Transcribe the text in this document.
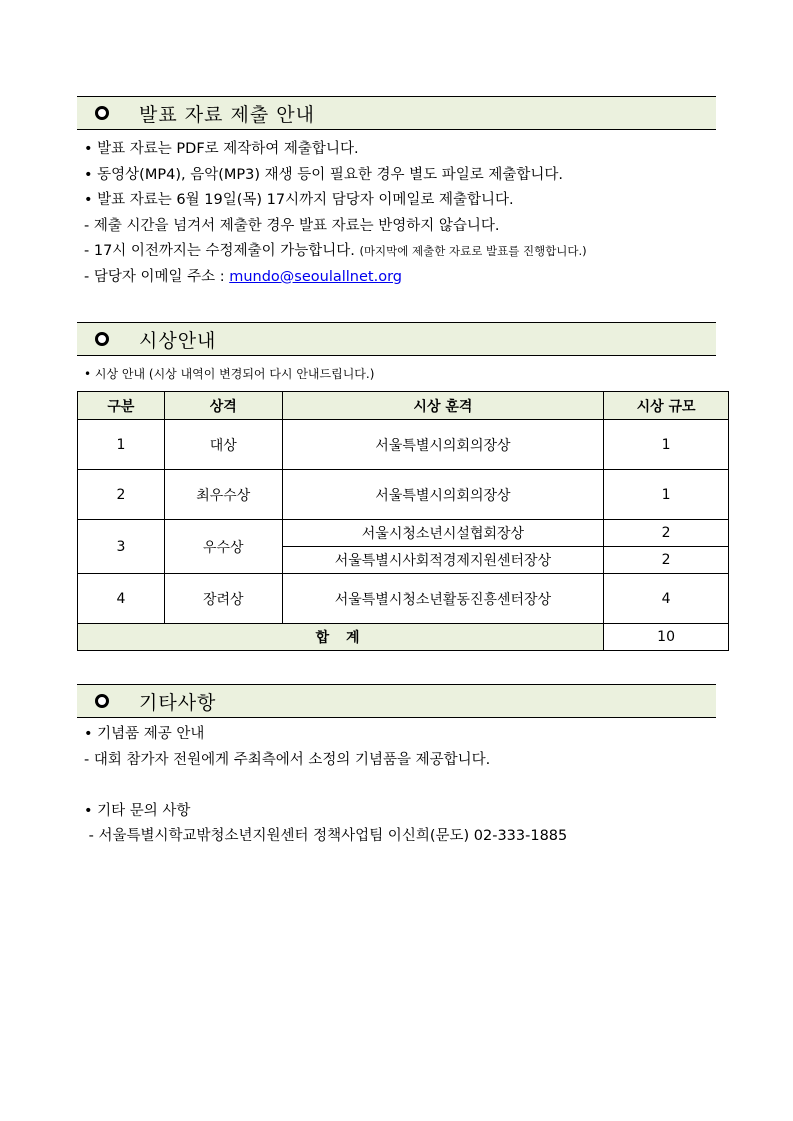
발표 자료 제출 안내
• 발표 자료는 PDF로 제작하여 제출합니다.
• 동영상(MP4), 음악(MP3) 재생 등이 필요한 경우 별도 파일로 제출합니다.
• 발표 자료는 6월 19일(목) 17시까지 담당자 이메일로 제출합니다.
- 제출 시간을 넘겨서 제출한 경우 발표 자료는 반영하지 않습니다.
- 17시 이전까지는 수정제출이 가능합니다. (마지막에 제출한 자료로 발표를 진행합니다.)
- 담당자 이메일 주소 : mundo@seoulallnet.org
시상안내
• 시상 안내 (시상 내역이 변경되어 다시 안내드립니다.)
구분	상격	시상 훈격	시상 규모
1	대상	서울특별시의회의장상	1
2	최우수상	서울특별시의회의장상	1
3	우수상	서울시청소년시설협회장상	2
		서울특별시사회적경제지원센터장상	2
4	장려상	서울특별시청소년활동진흥센터장상	4
합 계			10
기타사항
• 기념품 제공 안내
- 대회 참가자 전원에게 주최측에서 소정의 기념품을 제공합니다.
• 기타 문의 사항
- 서울특별시학교밖청소년지원센터 정책사업팀 이신희(문도) 02-333-1885
